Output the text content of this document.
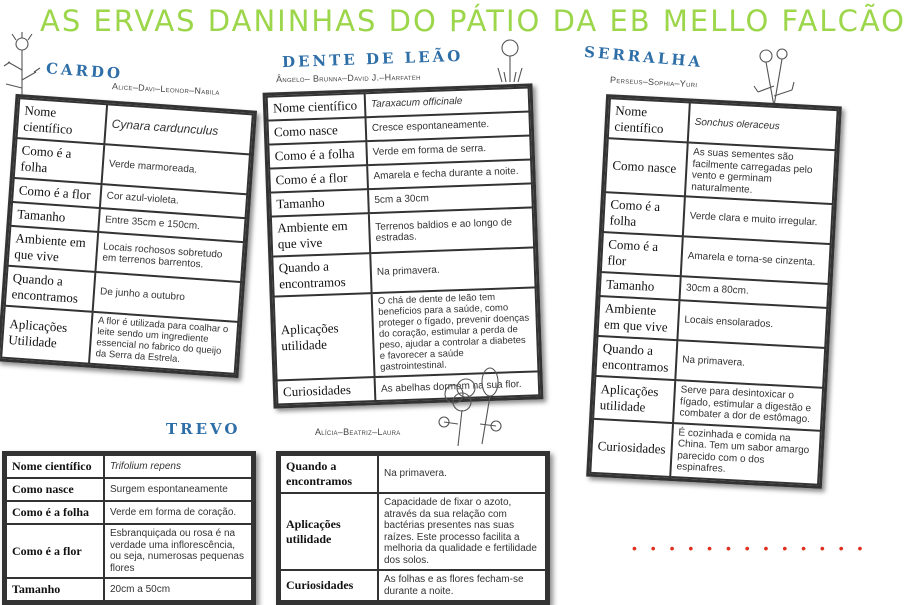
AS ERVAS DANINHAS DO PÁTIO DA EB MELLO FALCÃO
CARDO
Alice–Davi–Leonor–Nabila
Nome científico	Cynara cardunculus
Como é a folha	Verde marmoreada.
Como é a flor	Cor azul-violeta.
Tamanho	Entre 35cm e 150cm.
Ambiente em que vive	Locais rochosos sobretudo em terrenos barrentos.
Quando a encontramos	De junho a outubro
Aplicações Utilidade	A flor é utilizada para coalhar o leite sendo um ingrediente essencial no fabrico do queijo da Serra da Estrela.
DENTE DE LEÃO
Ângelo– Brunna–David J.–Harfateh
Nome científico	Taraxacum officinale
Como nasce	Cresce espontaneamente.
Como é a folha	Verde em forma de serra.
Como é a flor	Amarela e fecha durante a noite.
Tamanho	5cm a 30cm
Ambiente em que vive	Terrenos baldios e ao longo de estradas.
Quando a encontramos	Na primavera.
Aplicações utilidade	O chá de dente de leão tem benefícios para a saúde, como proteger o fígado, prevenir doenças do coração, estimular a perda de peso, ajudar a controlar a diabetes e favorecer a saúde gastrointestinal.
Curiosidades	As abelhas dormem na sua flor.
SERRALHA
Perseus–Sophia–Yuri
Nome científico	Sonchus oleraceus
Como nasce	As suas sementes são facilmente carregadas pelo vento e germinam naturalmente.
Como é a folha	Verde clara e muito irregular.
Como é a flor	Amarela e torna-se cinzenta.
Tamanho	30cm a 80cm.
Ambiente em que vive	Locais ensolarados.
Quando a encontramos	Na primavera.
Aplicações utilidade	Serve para desintoxicar o fígado, estimular a digestão e combater a dor de estômago.
Curiosidades	É cozinhada e comida na China. Tem um sabor amargo parecido com o dos espinafres.
TREVO
Nome científico	Trifolium repens
Como nasce	Surgem espontaneamente
Como é a folha	Verde em forma de coração.
Como é a flor	Esbranquiçada ou rosa é na verdade uma inflorescência, ou seja, numerosas pequenas flores
Tamanho	20cm a 50cm
Alícia–Beatriz–Laura
Quando a encontramos	Na primavera.
Aplicações utilidade	Capacidade de fixar o azoto, através da sua relação com bactérias presentes nas suas raízes. Este processo facilita a melhoria da qualidade e fertilidade dos solos.
Curiosidades	As folhas e as flores fecham-se durante a noite.
• • • • • • • • • • • • •
